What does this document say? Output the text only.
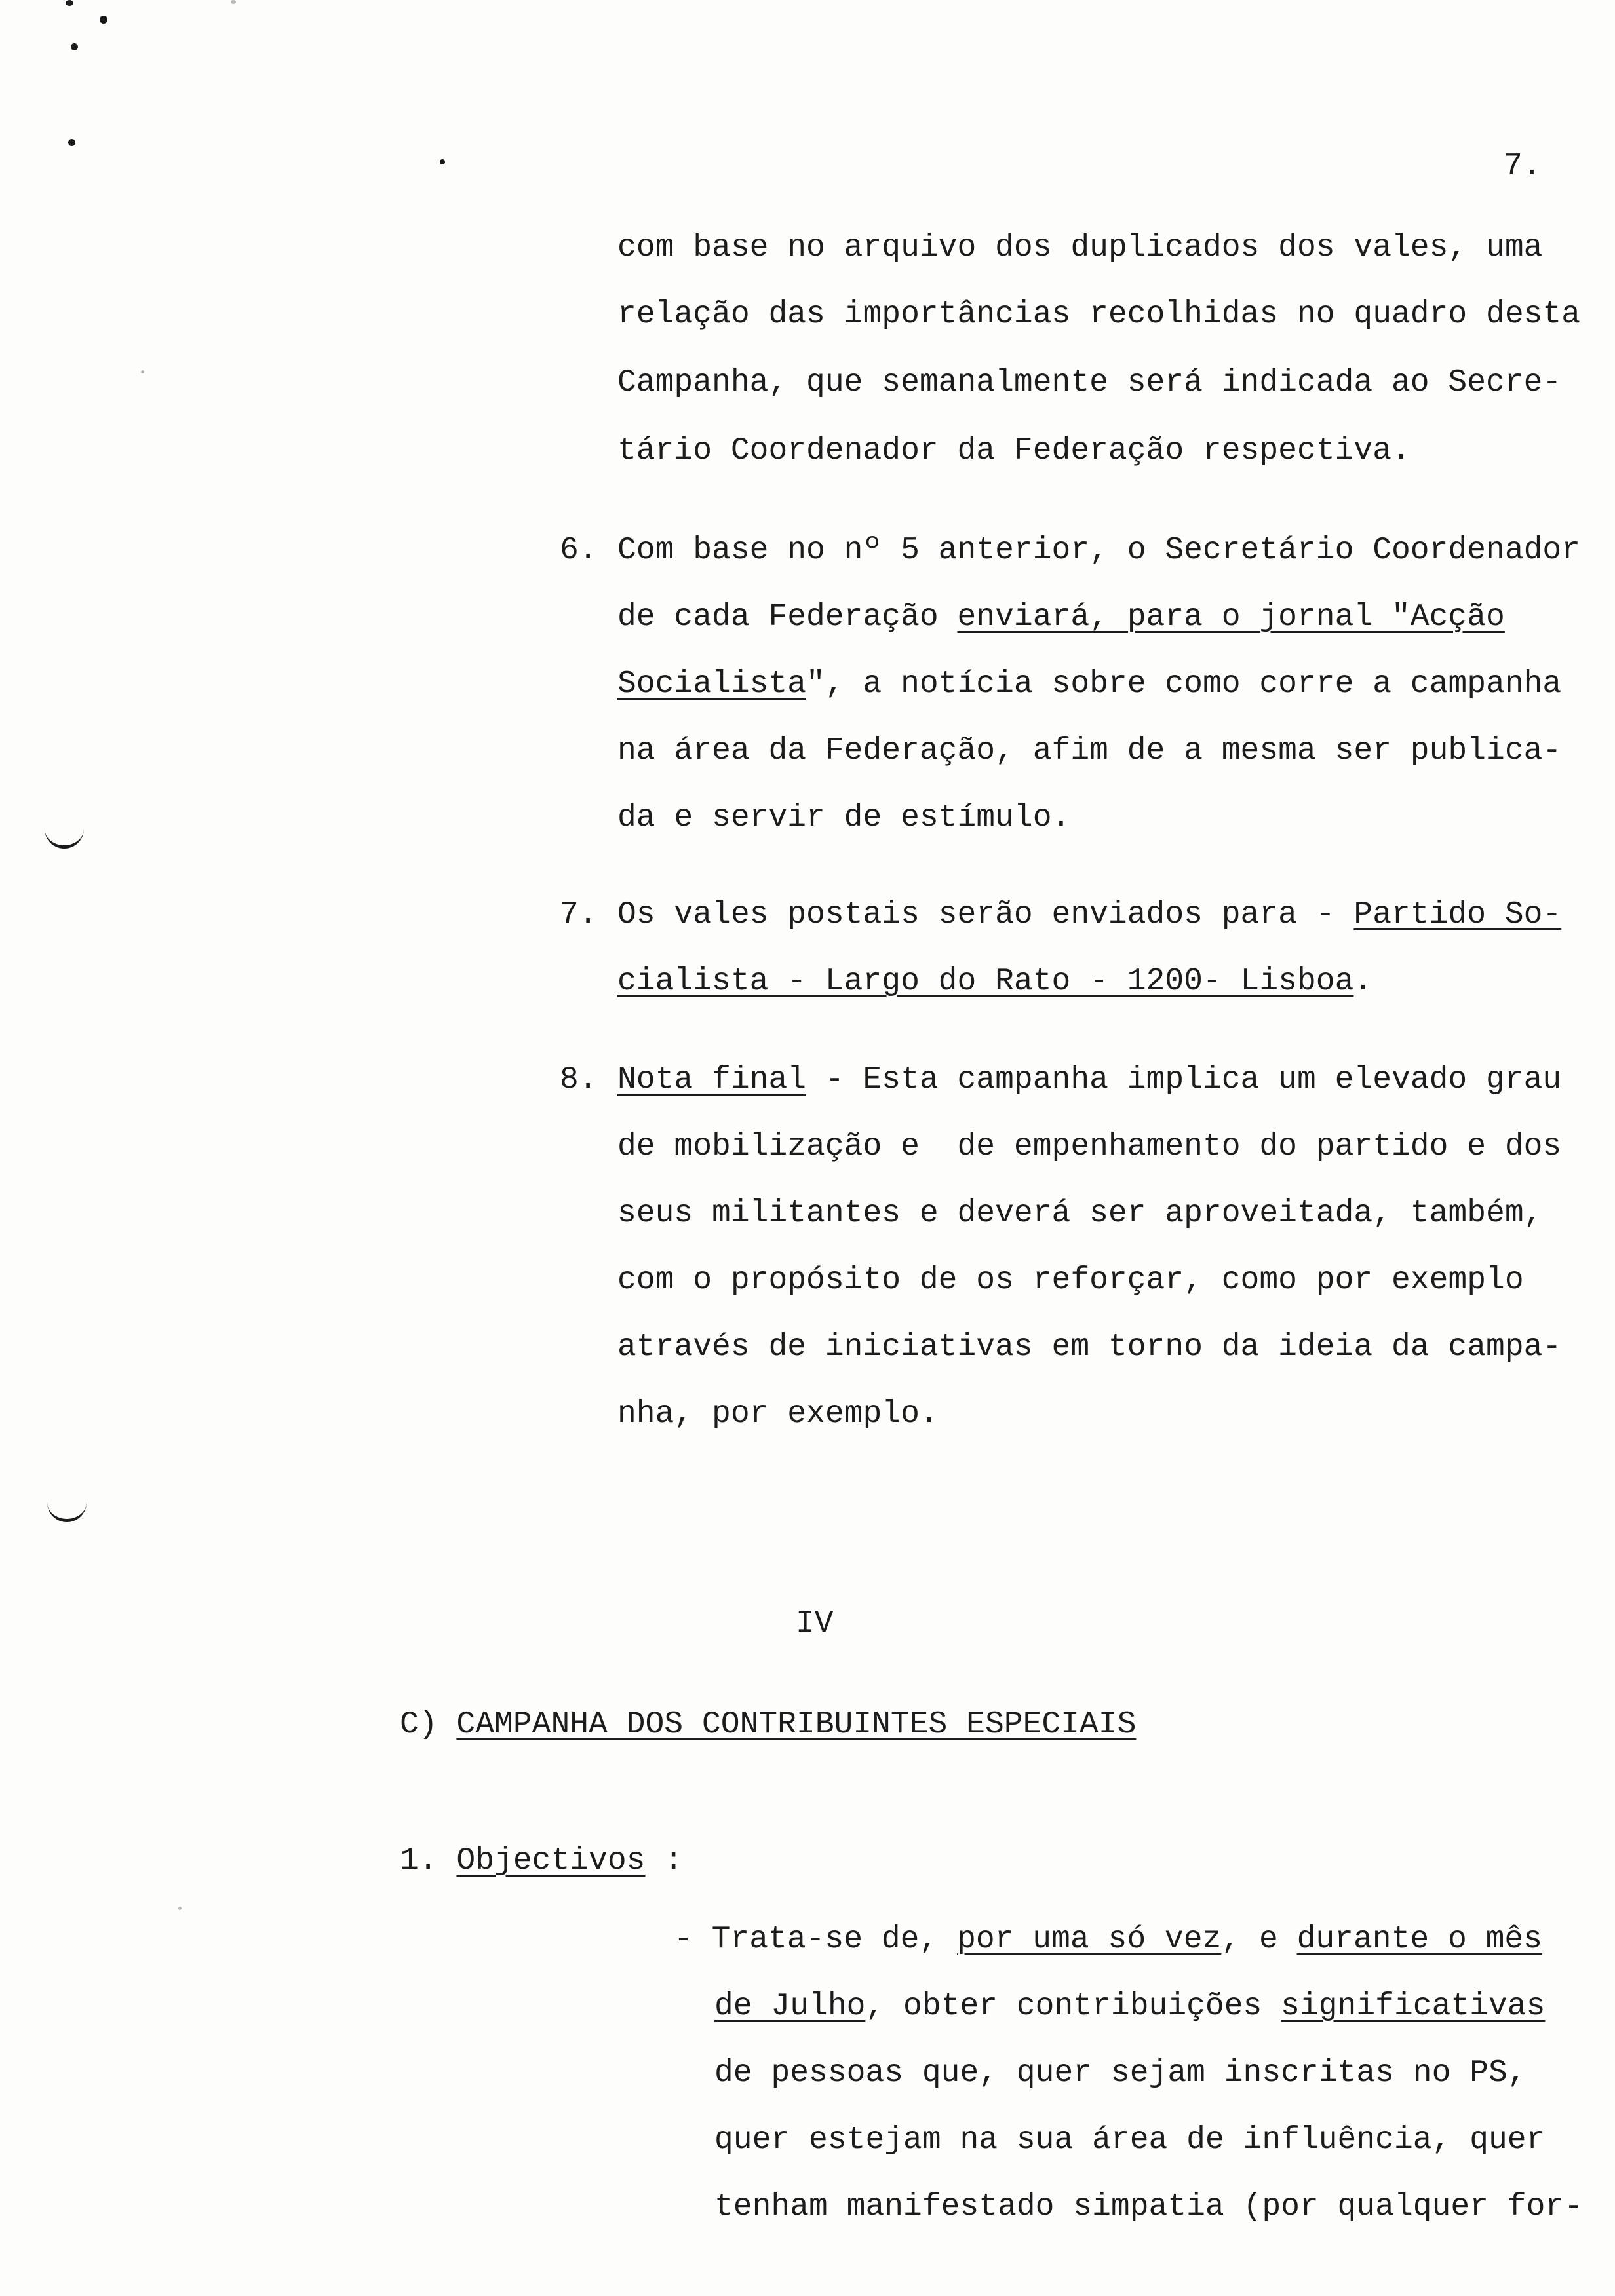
7.
com base no arquivo dos duplicados dos vales, uma
relação das importâncias recolhidas no quadro desta
Campanha, que semanalmente será indicada ao Secre-
tário Coordenador da Federação respectiva.
6. Com base no nº 5 anterior, o Secretário Coordenador
de cada Federação enviará, para o jornal "Acção
Socialista", a notícia sobre como corre a campanha
na área da Federação, afim de a mesma ser publica-
da e servir de estímulo.
7. Os vales postais serão enviados para - Partido So-
cialista - Largo do Rato - 1200- Lisboa.
8. Nota final - Esta campanha implica um elevado grau
de mobilização e  de empenhamento do partido e dos
seus militantes e deverá ser aproveitada, também,
com o propósito de os reforçar, como por exemplo
através de iniciativas em torno da ideia da campa-
nha, por exemplo.
IV
C) CAMPANHA DOS CONTRIBUINTES ESPECIAIS
1. Objectivos :
- Trata-se de, por uma só vez, e durante o mês
de Julho, obter contribuições significativas
de pessoas que, quer sejam inscritas no PS,
quer estejam na sua área de influência, quer
tenham manifestado simpatia (por qualquer for-
